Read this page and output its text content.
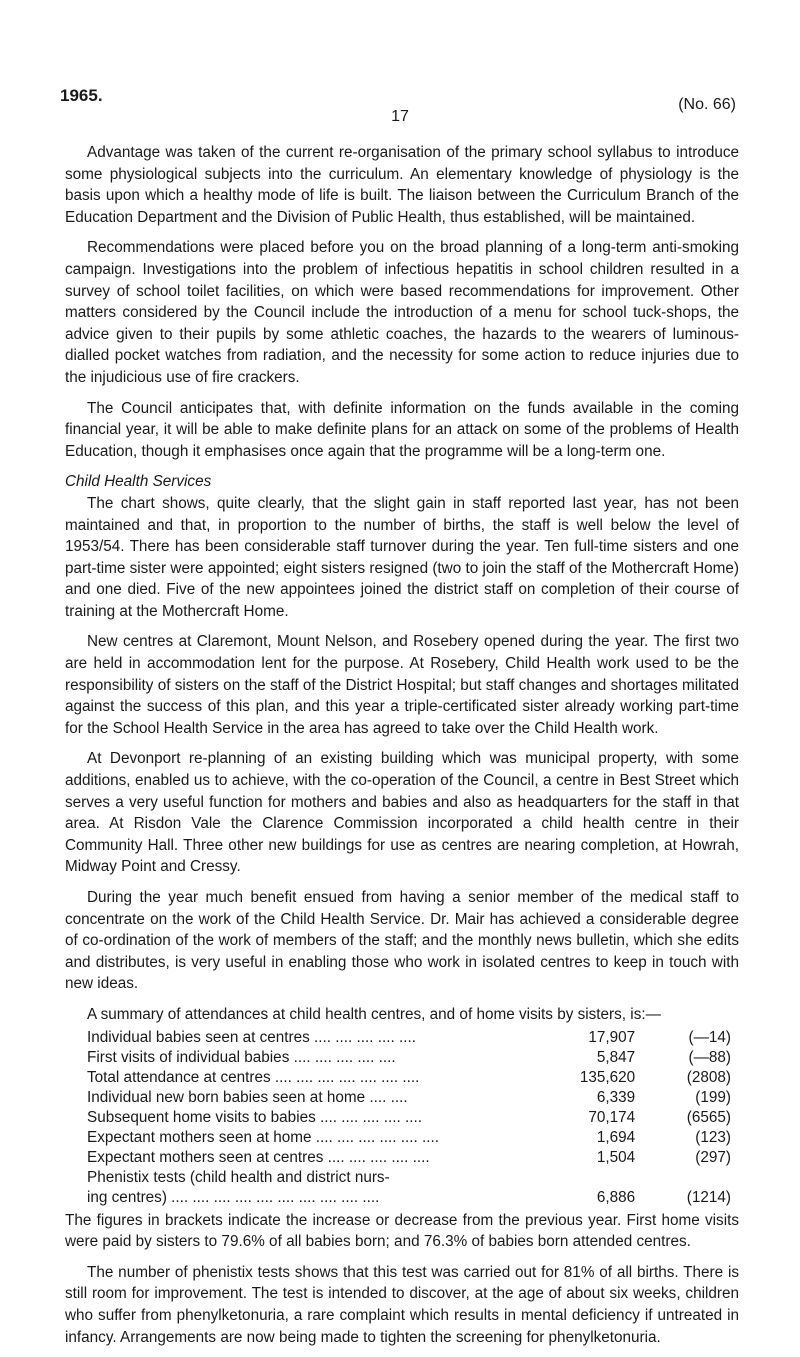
1965.
17
(No. 66)

Advantage was taken of the current re-organisation of the primary school syllabus to introduce some physiological subjects into the curriculum. An elementary knowledge of physiology is the basis upon which a healthy mode of life is built. The liaison between the Curriculum Branch of the Education Department and the Division of Public Health, thus established, will be maintained.

Recommendations were placed before you on the broad planning of a long-term anti-smoking campaign. Investigations into the problem of infectious hepatitis in school children resulted in a survey of school toilet facilities, on which were based recommendations for improvement. Other matters considered by the Council include the introduction of a menu for school tuck-shops, the advice given to their pupils by some athletic coaches, the hazards to the wearers of luminous-dialled pocket watches from radiation, and the necessity for some action to reduce injuries due to the injudicious use of fire crackers.

The Council anticipates that, with definite information on the funds available in the coming financial year, it will be able to make definite plans for an attack on some of the problems of Health Education, though it emphasises once again that the programme will be a long-term one.

Child Health Services

The chart shows, quite clearly, that the slight gain in staff reported last year, has not been maintained and that, in proportion to the number of births, the staff is well below the level of 1953/54. There has been considerable staff turnover during the year. Ten full-time sisters and one part-time sister were appointed; eight sisters resigned (two to join the staff of the Mothercraft Home) and one died. Five of the new appointees joined the district staff on completion of their course of training at the Mothercraft Home.

New centres at Claremont, Mount Nelson, and Rosebery opened during the year. The first two are held in accommodation lent for the purpose. At Rosebery, Child Health work used to be the responsibility of sisters on the staff of the District Hospital; but staff changes and shortages militated against the success of this plan, and this year a triple-certificated sister already working part-time for the School Health Service in the area has agreed to take over the Child Health work.

At Devonport re-planning of an existing building which was municipal property, with some additions, enabled us to achieve, with the co-operation of the Council, a centre in Best Street which serves a very useful function for mothers and babies and also as headquarters for the staff in that area. At Risdon Vale the Clarence Commission incorporated a child health centre in their Community Hall. Three other new buildings for use as centres are nearing completion, at Howrah, Midway Point and Cressy.

During the year much benefit ensued from having a senior member of the medical staff to concentrate on the work of the Child Health Service. Dr. Mair has achieved a considerable degree of co-ordination of the work of members of the staff; and the monthly news bulletin, which she edits and distributes, is very useful in enabling those who work in isolated centres to keep in touch with new ideas.

A summary of attendances at child health centres, and of home visits by sisters, is:—

Individual babies seen at centres .... .... .... .... ....	17,907	(—14)
First visits of individual babies .... .... .... .... ....	5,847	(—88)
Total attendance at centres .... .... .... .... .... .... ....	135,620	(2808)
Individual new born babies seen at home .... ....	6,339	(199)
Subsequent home visits to babies .... .... .... .... ....	70,174	(6565)
Expectant mothers seen at home .... .... .... .... .... ....	1,694	(123)
Expectant mothers seen at centres .... .... .... .... ....	1,504	(297)
Phenistix tests (child health and district nurs-		
ing centres) .... .... .... .... .... .... .... .... .... ....	6,886	(1214)

The figures in brackets indicate the increase or decrease from the previous year. First home visits were paid by sisters to 79.6% of all babies born; and 76.3% of babies born attended centres.

The number of phenistix tests shows that this test was carried out for 81% of all births. There is still room for improvement. The test is intended to discover, at the age of about six weeks, children who suffer from phenylketonuria, a rare complaint which results in mental deficiency if untreated in infancy. Arrangements are now being made to tighten the screening for phenylketonuria.
